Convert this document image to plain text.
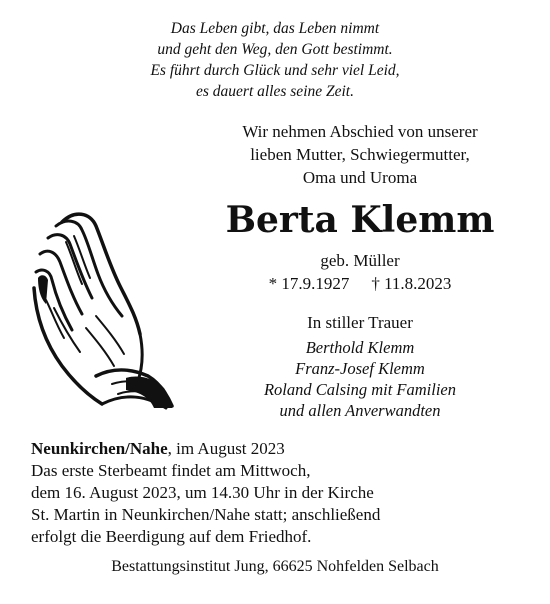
Das Leben gibt, das Leben nimmt
und geht den Weg, den Gott bestimmt.
Es führt durch Glück und sehr viel Leid,
es dauert alles seine Zeit.
Wir nehmen Abschied von unserer
lieben Mutter, Schwiegermutter,
Oma und Uroma
Berta Klemm
geb. Müller
* 17.9.1927 † 11.8.2023
In stiller Trauer
Berthold Klemm
Franz-Josef Klemm
Roland Calsing mit Familien
und allen Anverwandten
Neunkirchen/Nahe, im August 2023
Das erste Sterbeamt findet am Mittwoch,
dem 16. August 2023, um 14.30 Uhr in der Kirche
St. Martin in Neunkirchen/Nahe statt; anschließend
erfolgt die Beerdigung auf dem Friedhof.
Bestattungsinstitut Jung, 66625 Nohfelden Selbach
